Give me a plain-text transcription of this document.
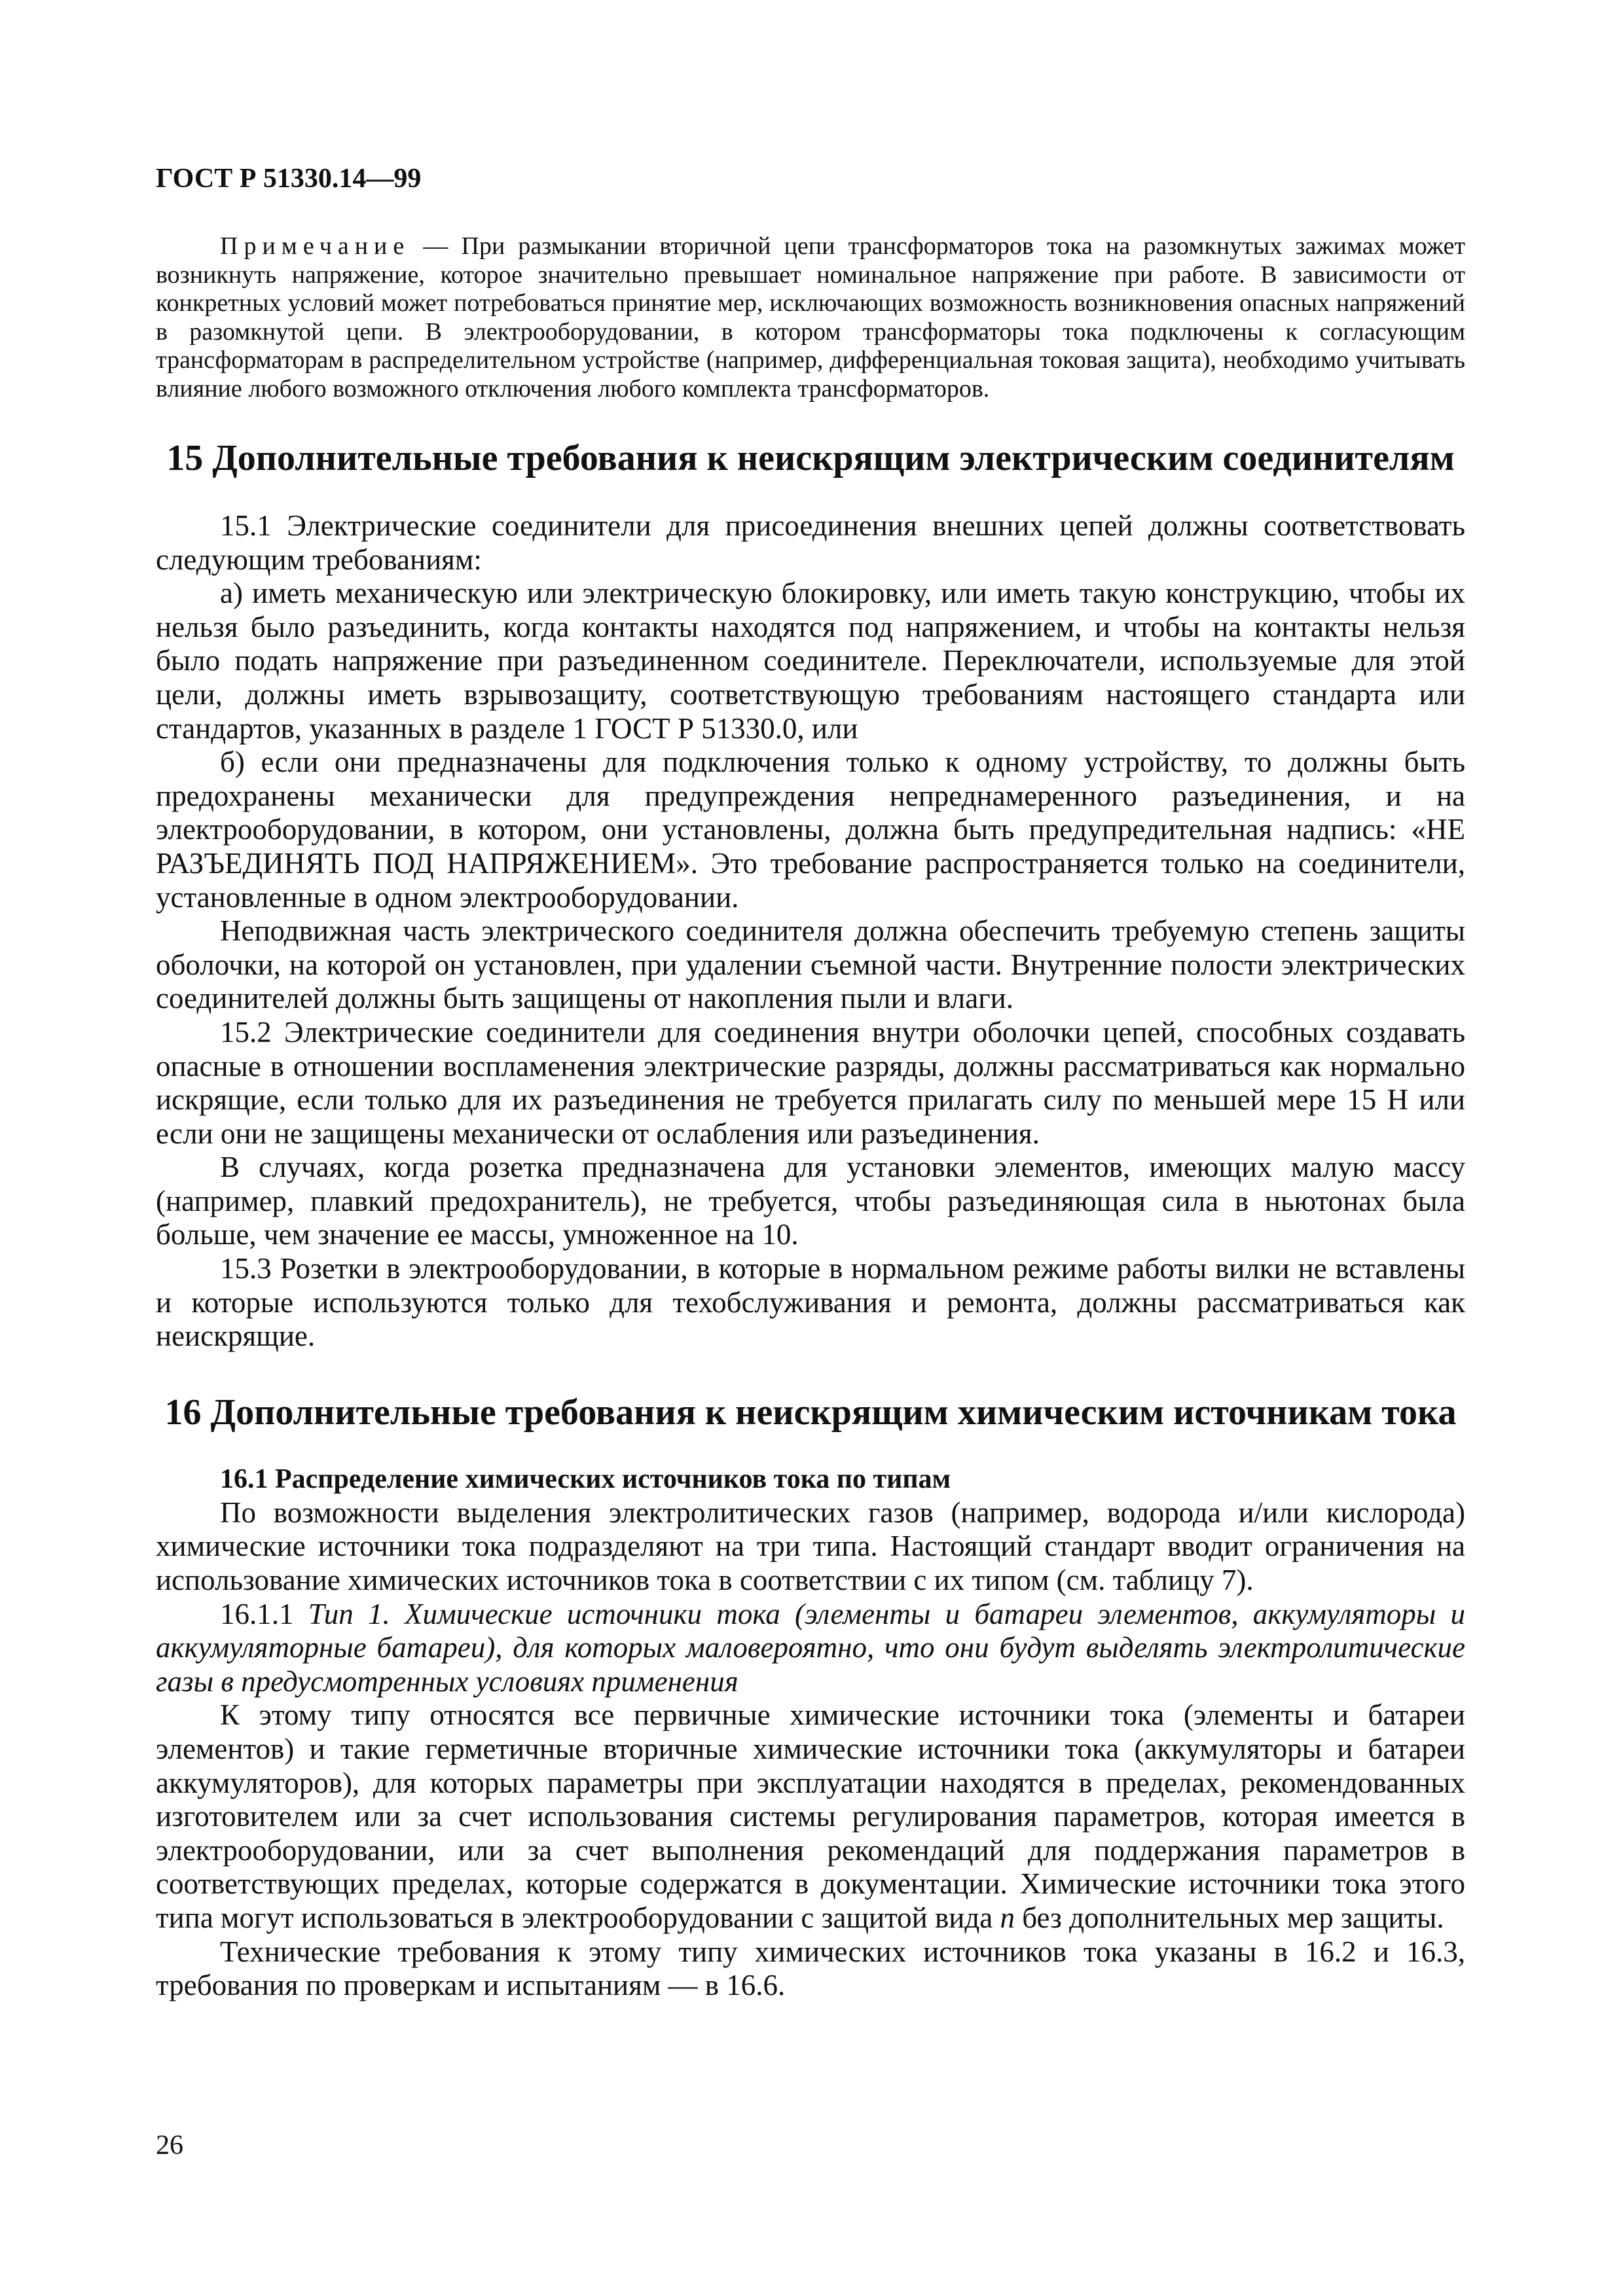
ГОСТ Р 51330.14—99

Примечание — При размыкании вторичной цепи трансформаторов тока на разомкнутых зажимах может возникнуть напряжение, которое значительно превышает номинальное напряжение при работе. В зависимости от конкретных условий может потребоваться принятие мер, исключающих возможность возникновения опасных напряжений в разомкнутой цепи. В электрооборудовании, в котором трансформаторы тока подключены к согласующим трансформаторам в распределительном устройстве (например, дифференциальная токовая защита), необходимо учитывать влияние любого возможного отключения любого комплекта трансформаторов.

15 Дополнительные требования к неискрящим электрическим соединителям

15.1 Электрические соединители для присоединения внешних цепей должны соответствовать следующим требованиям:

а) иметь механическую или электрическую блокировку, или иметь такую конструкцию, чтобы их нельзя было разъединить, когда контакты находятся под напряжением, и чтобы на контакты нельзя было подать напряжение при разъединенном соединителе. Переключатели, используемые для этой цели, должны иметь взрывозащиту, соответствующую требованиям настоящего стандарта или стандартов, указанных в разделе 1 ГОСТ Р 51330.0, или

б) если они предназначены для подключения только к одному устройству, то должны быть предохранены механически для предупреждения непреднамеренного разъединения, и на электрооборудовании, в котором, они установлены, должна быть предупредительная надпись: «НЕ РАЗЪЕДИНЯТЬ ПОД НАПРЯЖЕНИЕМ». Это требование распространяется только на соединители, установленные в одном электрооборудовании.

Неподвижная часть электрического соединителя должна обеспечить требуемую степень защиты оболочки, на которой он установлен, при удалении съемной части. Внутренние полости электрических соединителей должны быть защищены от накопления пыли и влаги.

15.2 Электрические соединители для соединения внутри оболочки цепей, способных создавать опасные в отношении воспламенения электрические разряды, должны рассматриваться как нормально искрящие, если только для их разъединения не требуется прилагать силу по меньшей мере 15 Н или если они не защищены механически от ослабления или разъединения.

В случаях, когда розетка предназначена для установки элементов, имеющих малую массу (например, плавкий предохранитель), не требуется, чтобы разъединяющая сила в ньютонах была больше, чем значение ее массы, умноженное на 10.

15.3 Розетки в электрооборудовании, в которые в нормальном режиме работы вилки не вставлены и которые используются только для техобслуживания и ремонта, должны рассматриваться как неискрящие.

16 Дополнительные требования к неискрящим химическим источникам тока

16.1 Распределение химических источников тока по типам

По возможности выделения электролитических газов (например, водорода и/или кислорода) химические источники тока подразделяют на три типа. Настоящий стандарт вводит ограничения на использование химических источников тока в соответствии с их типом (см. таблицу 7).

16.1.1 Тип 1. Химические источники тока (элементы и батареи элементов, аккумуляторы и аккумуляторные батареи), для которых маловероятно, что они будут выделять электролитические газы в предусмотренных условиях применения

К этому типу относятся все первичные химические источники тока (элементы и батареи элементов) и такие герметичные вторичные химические источники тока (аккумуляторы и батареи аккумуляторов), для которых параметры при эксплуатации находятся в пределах, рекомендованных изготовителем или за счет использования системы регулирования параметров, которая имеется в электрооборудовании, или за счет выполнения рекомендаций для поддержания параметров в соответствующих пределах, которые содержатся в документации. Химические источники тока этого типа могут использоваться в электрооборудовании с защитой вида n без дополнительных мер защиты.

Технические требования к этому типу химических источников тока указаны в 16.2 и 16.3, требования по проверкам и испытаниям — в 16.6.

26
